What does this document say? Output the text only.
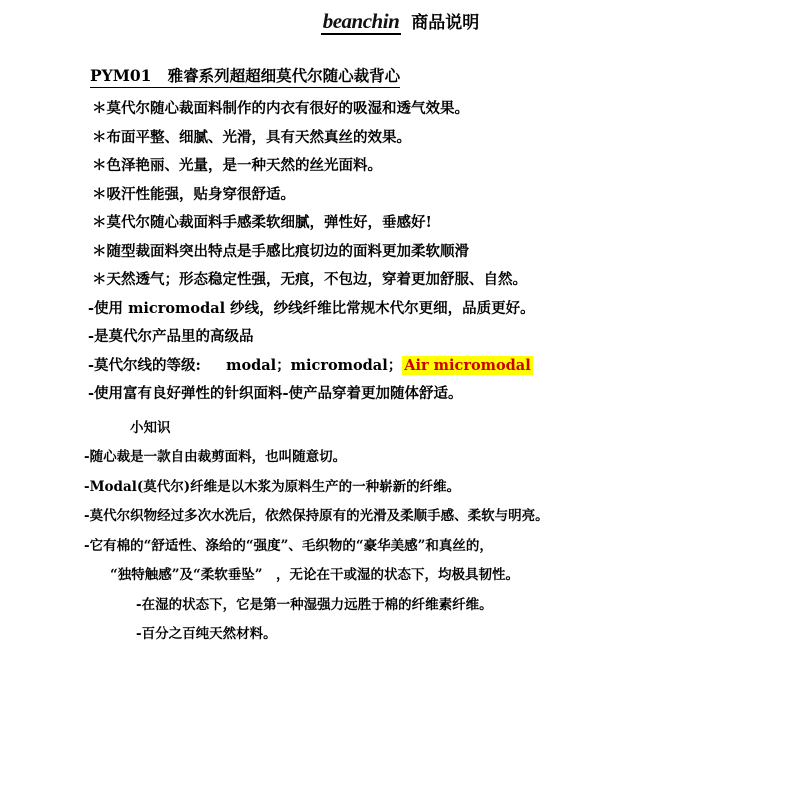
beanchin 商品说明
PYM01   雅睿系列超超细莫代尔随心裁背心

＊莫代尔随心裁面料制作的内衣有很好的吸湿和透气效果。

＊布面平整、细腻、光滑，具有天然真丝的效果。

＊色泽艳丽、光量，是一种天然的丝光面料。

＊吸汗性能强，贴身穿很舒适。

＊莫代尔随心裁面料手感柔软细腻，弹性好，垂感好!

＊随型裁面料突出特点是手感比痕切边的面料更加柔软顺滑

＊天然透气；形态稳定性强，无痕，不包边，穿着更加舒服、自然。

-使用 micromodal 纱线，纱线纤维比常规木代尔更细，品质更好。

-是莫代尔产品里的高级品

-莫代尔线的等级:     modal；micromodal； Air micromodal

-使用富有良好弹性的针织面料-使产品穿着更加随体舒适。

小知识

-随心裁是一款自由裁剪面料，也叫随意切。

-Modal(莫代尔)纤维是以木浆为原料生产的一种崭新的纤维。

-莫代尔织物经过多次水洗后，依然保持原有的光滑及柔顺手感、柔软与明亮。

-它有棉的“舒适性、涤给的“强度”、毛织物的“豪华美感”和真丝的，

“独特触感”及“柔软垂坠”　，无论在干或湿的状态下，均极具韧性。

-在湿的状态下，它是第一种湿强力远胜于棉的纤维素纤维。

-百分之百纯天然材料。
